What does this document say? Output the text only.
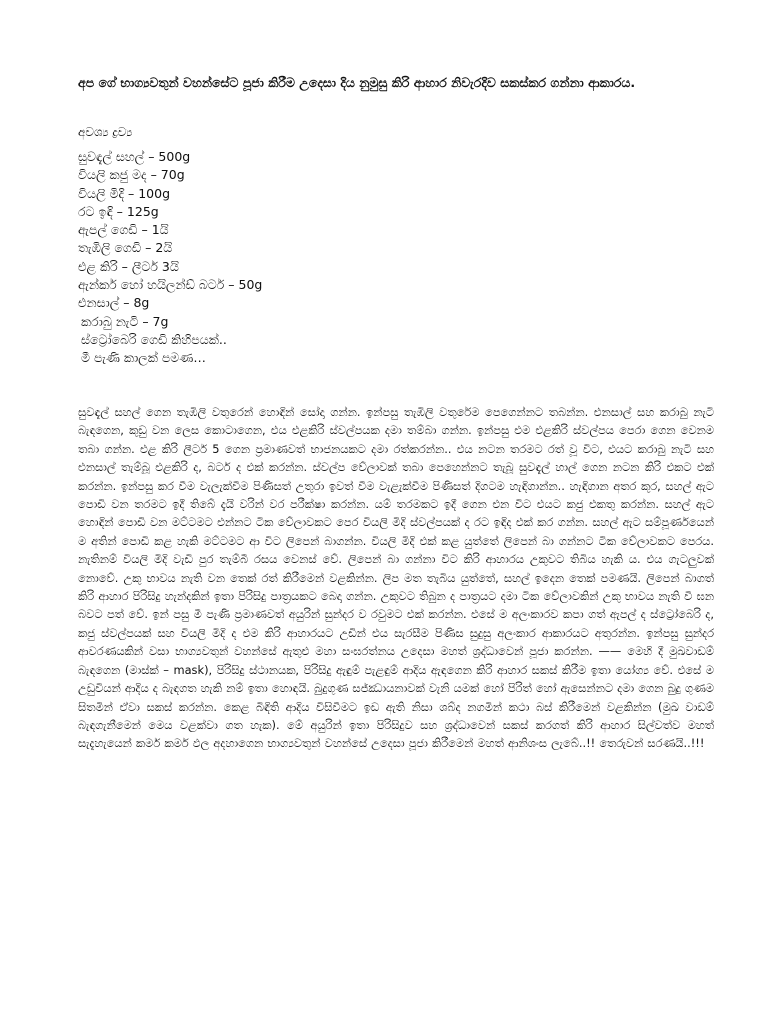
අප ගේ භාග්‍යවතුන් වහන්සේට පූජා කිරීම උදෙසා දිය නුමුසු කිරි ආහාර නිවැරදිව සකස්කර ගන්නා ආකාරය.
අවශ්‍ය ද්‍රව්‍ය
සුවඳැල් සහල් – 500g
වියලි කජු මද – 70g
වියලි මිදි – 100g
රට ඉඳි – 125g
ඇපල් ගෙඩි – 1යි
තැඹිලි ගෙඩි – 2යි
එළ කිරි – ලීටර් 3යි
ඇන්කර් හෝ හයිලන්ඩ් බටර් – 50g
එනසාල් – 8g
කරාබු නැටි – 7g
ස්ට්‍රෝබෙරි ගෙඩි කිහිපයක්..
මී පැණි කාලක් පමණ…

සුවඳැල් සහල් ගෙන තැඹිලි වතුරෙන් හොඳින් සෝදා ගන්න. ඉන්පසු තැඹිලි වතුරේම පෙගෙන්නට තබන්න. එනසාල් සහ කරාබු නැටි බැඳගෙන, කුඩු වන ලෙස කොටාගෙන, එය එළකිරි ස්වල්පයක දමා තම්බා ගන්න. ඉන්පසු එම එළකිරි ස්වල්පය පෙරා ගෙන වෙනම තබා ගන්න. එළ කිරි ලීටර් 5 ගෙන ප්‍රමාණවත් භාජනයකට දමා රත්කරන්න.. එය නටන තරමට රත් වූ විට, එයට කරාබු නැටි සහ එනසාල් තැම්බූ එළකිරි ද, බටර් ද එක් කරන්න. ස්වල්ප වේලාවක් තබා පෙහෙන්නට තැබූ සුවඳැල් හාල් ගෙන නටන කිරි එකට එක් කරන්න. ඉන්පසු කර වීම වැලැක්වීම පිණිසත් උතුරා ඉවත් වීම වැළැක්වීම පිණිසත් දිගටම හැඳිගාන්න.. හැඳිගාන අතර කුර, සහල් ඇට පොඩි වන තරමට ඉදී තිබේ දැයි වරින් වර පරීක්ෂා කරන්න. යම් තරමකට ඉදී ගෙන එන විට එයට කජු එකතු කරන්න. සහල් ඇට හොඳින් පොඩි වන මට්ටමට එන්නට ටික වේලාවකට පෙර වියලි මිදි ස්වල්පයක් ද රට ඉඳිද එක් කර ගන්න. සහල් ඇට සම්පූර්ණයෙන් ම අතින් පොඩි කළ හැකි මට්ටමට ආ විට ලිපෙන් බාගන්න. වියලි මිදි එක් කළ යුත්තේ ලිපෙන් බා ගන්නට ටික වේලාවකට පෙරය. නැතිනම් වියලි මිදි වැඩි පුර තැම්බී රසය වෙනස් වේ. ලිපෙන් බා ගන්නා විට කිරි ආහාරය උකුවට තිබිය හැකි ය. එය ගැටලුවක් නොවේ. උකු භාවය නැති වන තෙක් රත් කිරීමෙන් වළකින්න. ලිප මත තැබිය යුත්තේ, සහල් ඉදෙන තෙක් පමණයි. ලිපෙන් බාගත් කිරි ආහාර පිරිසිදු හැන්දකින් ඉතා පිරිසිදු පාත්‍රයකට බෙදා ගන්න. උකුවට තිබුන ද පාත්‍රයට දමා ටික වේලාවකින් උකු භාවය නැති වී ඝන බවට පත් වේ. ඉන් පසු මී පැණි ප්‍රමාණවත් අයුරින් සුන්දර ව රවුමට එක් කරන්න. එසේ ම අලංකාරව කපා ගත් ඇපල් ද ස්ට්‍රෝබෙරි ද, කජු ස්වල්පයක් සහ වියලි මිදි ද එම කිරි ආහාරයට උඩින් එය සැරසීම පිණිස සුදුසු අලංකාර ආකාරයට අතුරන්න. ඉන්පසු සුන්දර ආවරණයකින් වසා භාග්‍යවතුන් වහන්සේ ඇතුළු මහා සංඝරත්නය උදෙසා මහත් ශ්‍රද්ධාවෙන් පූජා කරන්න. —— මෙහි දී මුඛවාඩම් බැඳගෙන (මාස්ක් – mask), පිරිසිදු ස්ථානයක, පිරිසිදු ඇඳුම් පැළඳුම් ආදිය ඇඳගෙන කිරි ආහාර සකස් කිරීම ඉතා යෝග්‍ය වේ. එසේ ම උඩුවියන් ආදිය ද බැඳගත හැකි නම් ඉතා හොඳයි. බුදුගුණ සජ්ඣායනාවක් වැනි යමක් හෝ පිරිත් හෝ ඇසෙන්නට දමා ගෙන බුදු ගුණම සිතමින් ඒවා සකස් කරන්න. කෙළ බිඳිති ආදිය විසිවීමට ඉඩ ඇති නිසා ශබ්ද නගමින් කථා බස් කිරීමෙන් වළකින්න (මුඛ වාඩම් බැඳගැනීමෙන් මෙය වළක්වා ගත හැක). මේ අයුරින් ඉතා පිරිසිදුව සහ ශ්‍රද්ධාවෙන් සකස් කරගත් කිරි ආහාර සිල්වත්ව මහත් සැදැහැයෙන් කර්ම කර්ම ඵල අදහාගෙන භාග්‍යවතුන් වහන්සේ උදෙසා පූජා කිරීමෙන් මහත් ආනිශංස ලැබේ..!! තෙරුවන් සරණයි..!!!
